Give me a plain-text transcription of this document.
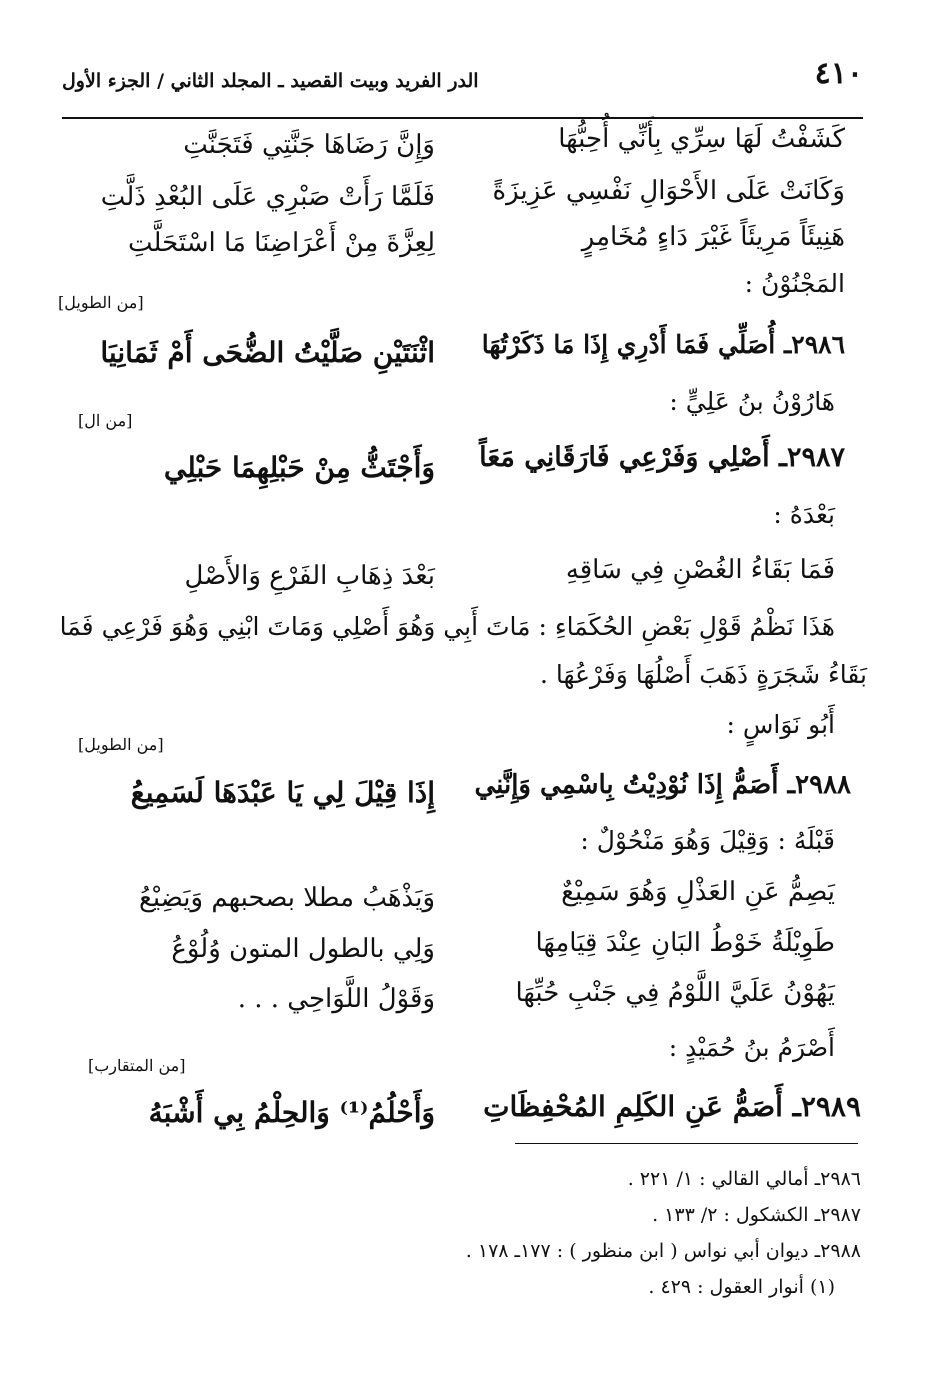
٤١٠
الدر الفريد وبيت القصيد ـ المجلد الثاني / الجزء الأول
كَشَفْتُ لَهَا سِرِّي بِأَنِّي أُحِبُّهَا
وَإِنَّ رَضَاهَا جَنَّتِي فَتَجَنَّتِ
وَكَانَتْ عَلَى الأَحْوَالِ نَفْسِي عَزِيزَةً
فَلَمَّا رَأَتْ صَبْرِي عَلَى البُعْدِ ذَلَّتِ
هَنِيئَاً مَرِيئَاً غَيْرَ دَاءٍ مُخَامِرٍ
لِعِزَّةَ مِنْ أَعْرَاضِنَا مَا اسْتَحَلَّتِ
المَجْنُوْنُ :
[من الطويل]
٢٩٨٦ـ أُصَلِّي فَمَا أَدْرِي إِذَا مَا ذَكَرْتُهَا
اثْنَتَيْنِ صَلَّيْتُ الضُّحَى أَمْ ثَمَانِيَا
هَارُوْنُ بنُ عَلِيٍّ :
[من ال]
٢٩٨٧ـ أَصْلِي وَفَرْعِي فَارَقَانِي مَعَاً
وَأَجْتَثُّ مِنْ حَبْلِهِمَا حَبْلِي
بَعْدَهُ :
فَمَا بَقَاءُ الغُصْنِ فِي سَاقِهِ
بَعْدَ ذِهَابِ الفَرْعِ وَالأَصْلِ
هَذَا نَظْمُ قَوْلِ بَعْضِ الحُكَمَاءِ : مَاتَ أَبِي وَهُوَ أَصْلِي وَمَاتَ ابْنِي وَهُوَ فَرْعِي فَمَا
بَقَاءُ شَجَرَةٍ ذَهَبَ أَصْلُهَا وَفَرْعُهَا .
أَبُو نَوَاسٍ :
[من الطويل]
٢٩٨٨ـ أَصَمُّ إِذَا نُوْدِيْتُ بِاسْمِي وَإِنَّنِي
إِذَا قِيْلَ لِي يَا عَبْدَهَا لَسَمِيعُ
قَبْلَهُ : وَقِيْلَ وَهُوَ مَنْحُوْلٌ :
يَصِمُّ عَنِ العَذْلِ وَهُوَ سَمِيْعٌ
وَيَذْهَبُ مطلا بصحبهم وَيَضِيْعُ
طَوِيْلَةُ خَوْطُ البَانِ عِنْدَ قِيَامِهَا
وَلِي بالطول المتون وُلُوْعُ
يَهُوْنُ عَلَيَّ اللَّوْمُ فِي جَنْبِ حُبِّهَا
وَقَوْلُ اللَّوَاحِي . . .
أَصْرَمُ بنُ حُمَيْدٍ :
[من المتقارب]
٢٩٨٩ـ أَصَمُّ عَنِ الكَلِمِ المُحْفِظَاتِ
وَأَحْلُمُ⁽¹⁾ وَالحِلْمُ بِي أَشْبَهُ
٢٩٨٦ـ أمالي القالي : ١/ ٢٢١ .
٢٩٨٧ـ الكشكول : ٢/ ١٣٣ .
٢٩٨٨ـ ديوان أبي نواس ( ابن منظور ) : ١٧٧ـ ١٧٨ .
(١) أنوار العقول : ٤٢٩ .
